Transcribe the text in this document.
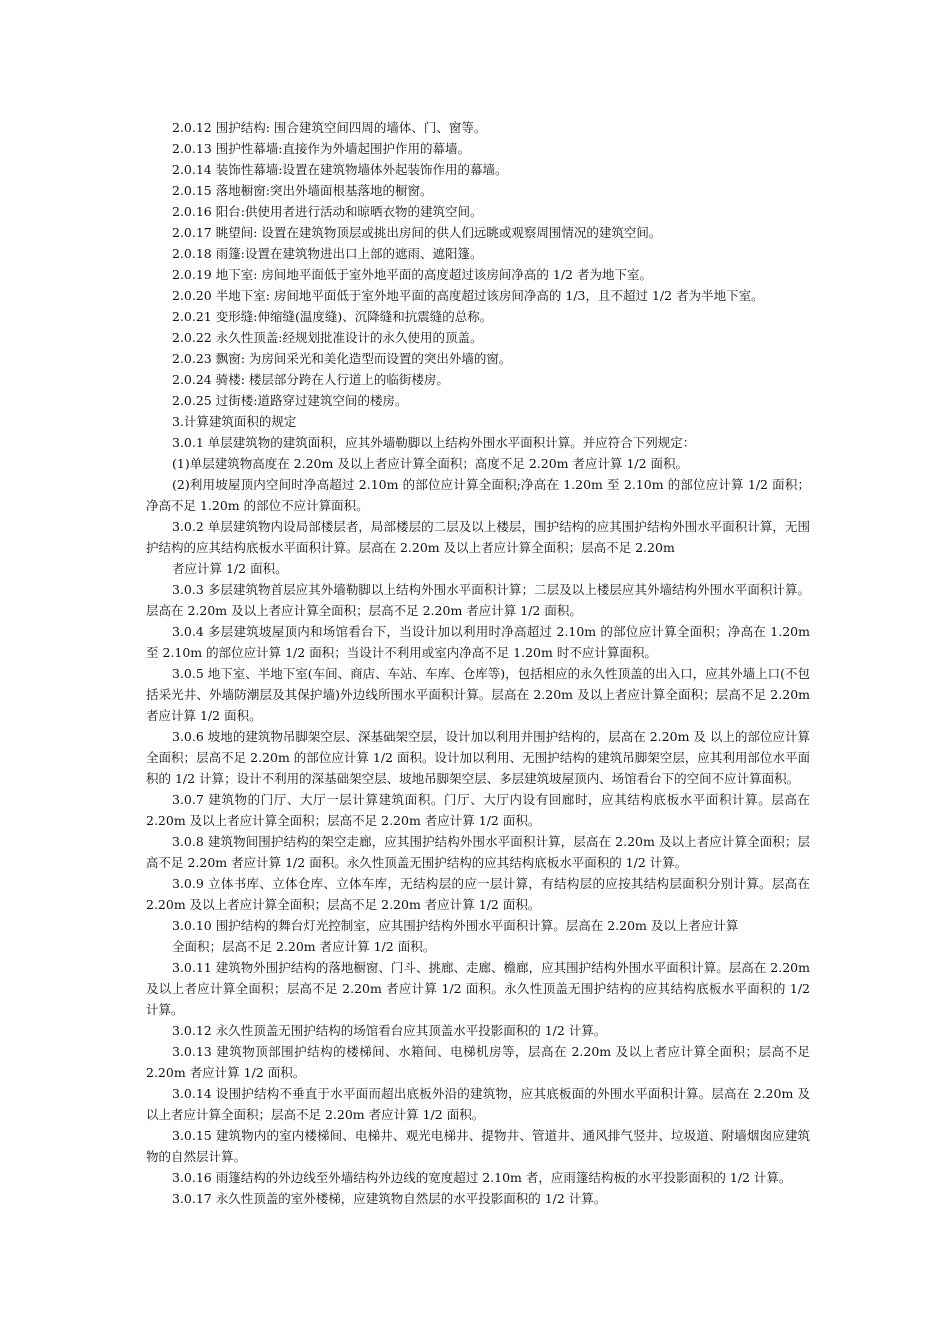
2.0.12 围护结构: 围合建筑空间四周的墙体、门、窗等。

2.0.13 围护性幕墙:直接作为外墙起围护作用的幕墙。

2.0.14 装饰性幕墙:设置在建筑物墙体外起装饰作用的幕墙。

2.0.15 落地橱窗:突出外墙面根基落地的橱窗。

2.0.16 阳台:供使用者进行活动和晾晒衣物的建筑空间。

2.0.17 眺望间: 设置在建筑物顶层或挑出房间的供人们远眺或观察周围情况的建筑空间。

2.0.18 雨篷:设置在建筑物进出口上部的遮雨、遮阳篷。

2.0.19 地下室: 房间地平面低于室外地平面的高度超过该房间净高的 1/2 者为地下室。

2.0.20 半地下室: 房间地平面低于室外地平面的高度超过该房间净高的 1/3，且不超过 1/2 者为半地下室。

2.0.21 变形缝:伸缩缝(温度缝)、沉降缝和抗震缝的总称。

2.0.22 永久性顶盖:经规划批准设计的永久使用的顶盖。

2.0.23 飘窗: 为房间采光和美化造型而设置的突出外墙的窗。

2.0.24 骑楼: 楼层部分跨在人行道上的临街楼房。

2.0.25 过街楼:道路穿过建筑空间的楼房。

3.计算建筑面积的规定

3.0.1 单层建筑物的建筑面积，应其外墙勒脚以上结构外围水平面积计算。并应符合下列规定：

(1)单层建筑物高度在 2.20m 及以上者应计算全面积；高度不足 2.20m 者应计算 1/2 面积。

(2)利用坡屋顶内空间时净高超过 2.10m 的部位应计算全面积;净高在 1.20m 至 2.10m 的部位应计算 1/2 面积；净高不足 1.20m 的部位不应计算面积。

3.0.2 单层建筑物内设局部楼层者，局部楼层的二层及以上楼层，围护结构的应其围护结构外围水平面积计算，无围护结构的应其结构底板水平面积计算。层高在 2.20m 及以上者应计算全面积；层高不足 2.20m

者应计算 1/2 面积。

3.0.3 多层建筑物首层应其外墙勒脚以上结构外围水平面积计算；二层及以上楼层应其外墙结构外围水平面积计算。层高在 2.20m 及以上者应计算全面积；层高不足 2.20m 者应计算 1/2 面积。

3.0.4 多层建筑坡屋顶内和场馆看台下，当设计加以利用时净高超过 2.10m 的部位应计算全面积；净高在 1.20m 至 2.10m 的部位应计算 1/2 面积；当设计不利用或室内净高不足 1.20m 时不应计算面积。

3.0.5 地下室、半地下室(车间、商店、车站、车库、仓库等)，包括相应的永久性顶盖的出入口，应其外墙上口(不包括采光井、外墙防潮层及其保护墙)外边线所围水平面积计算。层高在 2.20m 及以上者应计算全面积；层高不足 2.20m 者应计算 1/2 面积。

3.0.6 坡地的建筑物吊脚架空层、深基础架空层，设计加以利用并围护结构的，层高在 2.20m 及 以上的部位应计算全面积；层高不足 2.20m 的部位应计算 1/2 面积。设计加以利用、无围护结构的建筑吊脚架空层，应其利用部位水平面积的 1/2 计算；设计不利用的深基础架空层、坡地吊脚架空层、多层建筑坡屋顶内、场馆看台下的空间不应计算面积。

3.0.7 建筑物的门厅、大厅一层计算建筑面积。门厅、大厅内设有回廊时，应其结构底板水平面积计算。层高在 2.20m 及以上者应计算全面积；层高不足 2.20m 者应计算 1/2 面积。

3.0.8 建筑物间围护结构的架空走廊，应其围护结构外围水平面积计算，层高在 2.20m 及以上者应计算全面积；层高不足 2.20m 者应计算 1/2 面积。永久性顶盖无围护结构的应其结构底板水平面积的 1/2 计算。

3.0.9 立体书库、立体仓库、立体车库，无结构层的应一层计算，有结构层的应按其结构层面积分别计算。层高在 2.20m 及以上者应计算全面积；层高不足 2.20m 者应计算 1/2 面积。

3.0.10 围护结构的舞台灯光控制室，应其围护结构外围水平面积计算。层高在 2.20m 及以上者应计算

全面积；层高不足 2.20m 者应计算 1/2 面积。

3.0.11 建筑物外围护结构的落地橱窗、门斗、挑廊、走廊、檐廊，应其围护结构外围水平面积计算。层高在 2.20m 及以上者应计算全面积；层高不足 2.20m 者应计算 1/2 面积。永久性顶盖无围护结构的应其结构底板水平面积的 1/2 计算。

3.0.12 永久性顶盖无围护结构的场馆看台应其顶盖水平投影面积的 1/2 计算。

3.0.13 建筑物顶部围护结构的楼梯间、水箱间、电梯机房等，层高在 2.20m 及以上者应计算全面积；层高不足 2.20m 者应计算 1/2 面积。

3.0.14 设围护结构不垂直于水平面而超出底板外沿的建筑物，应其底板面的外围水平面积计算。层高在 2.20m 及以上者应计算全面积；层高不足 2.20m 者应计算 1/2 面积。

3.0.15 建筑物内的室内楼梯间、电梯井、观光电梯井、提物井、管道井、通风排气竖井、垃圾道、附墙烟囱应建筑物的自然层计算。

3.0.16 雨篷结构的外边线至外墙结构外边线的宽度超过 2.10m 者，应雨篷结构板的水平投影面积的 1/2 计算。

3.0.17 永久性顶盖的室外楼梯，应建筑物自然层的水平投影面积的 1/2 计算。
